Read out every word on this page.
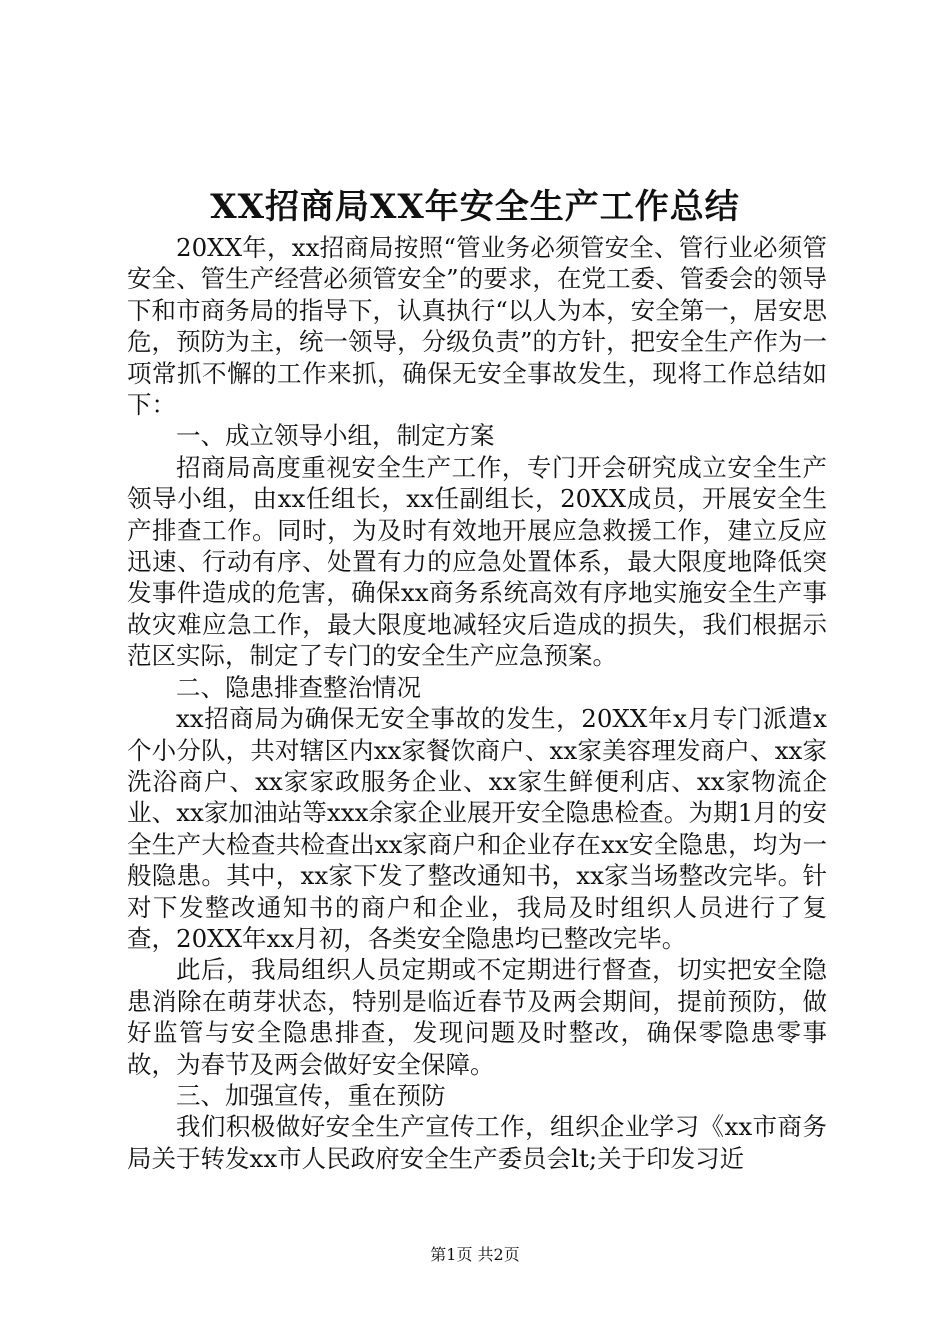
XX招商局XX年安全生产工作总结

20XX年，xx招商局按照“管业务必须管安全、管行业必须管安全、管生产经营必须管安全”的要求，在党工委、管委会的领导下和市商务局的指导下，认真执行“以人为本，安全第一，居安思危，预防为主，统一领导，分级负责”的方针，把安全生产作为一项常抓不懈的工作来抓，确保无安全事故发生，现将工作总结如下：

一、成立领导小组，制定方案

招商局高度重视安全生产工作，专门开会研究成立安全生产领导小组，由xx任组长，xx任副组长，20XX成员，开展安全生产排查工作。同时，为及时有效地开展应急救援工作，建立反应迅速、行动有序、处置有力的应急处置体系，最大限度地降低突发事件造成的危害，确保xx商务系统高效有序地实施安全生产事故灾难应急工作，最大限度地减轻灾后造成的损失，我们根据示范区实际，制定了专门的安全生产应急预案。

二、隐患排查整治情况

xx招商局为确保无安全事故的发生，20XX年x月专门派遣x个小分队，共对辖区内xx家餐饮商户、xx家美容理发商户、xx家洗浴商户、xx家家政服务企业、xx家生鲜便利店、xx家物流企业、xx家加油站等xxx余家企业展开安全隐患检查。为期1月的安全生产大检查共检查出xx家商户和企业存在xx安全隐患，均为一般隐患。其中，xx家下发了整改通知书，xx家当场整改完毕。针对下发整改通知书的商户和企业，我局及时组织人员进行了复查，20XX年xx月初，各类安全隐患均已整改完毕。

此后，我局组织人员定期或不定期进行督查，切实把安全隐患消除在萌芽状态，特别是临近春节及两会期间，提前预防，做好监管与安全隐患排查，发现问题及时整改，确保零隐患零事故，为春节及两会做好安全保障。

三、加强宣传，重在预防

我们积极做好安全生产宣传工作，组织企业学习《xx市商务局关于转发xx市人民政府安全生产委员会lt;关于印发习近

第1页 共2页
